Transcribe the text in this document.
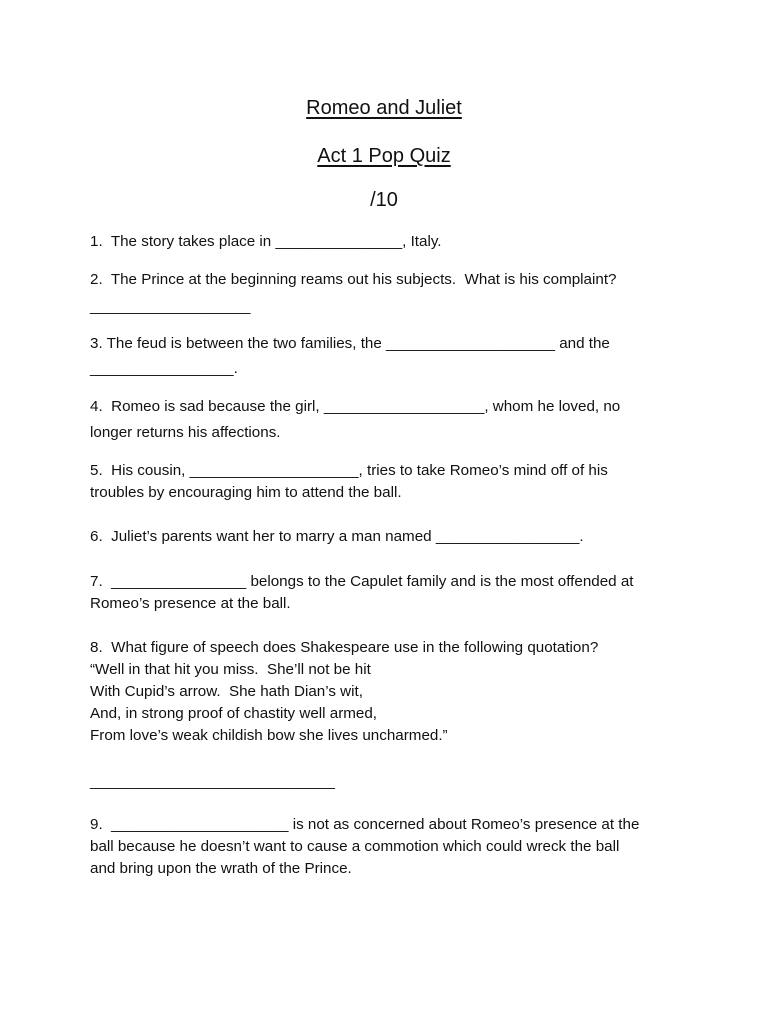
Romeo and Juliet
Act 1 Pop Quiz
/10

1.  The story takes place in _______________, Italy.

2.  The Prince at the beginning reams out his subjects.  What is his complaint?

___________________

3. The feud is between the two families, the ____________________ and the

_________________.

4.  Romeo is sad because the girl, ___________________, whom he loved, no

longer returns his affections.

5.  His cousin, ____________________, tries to take Romeo’s mind off of his

troubles by encouraging him to attend the ball.

6.  Juliet’s parents want her to marry a man named _________________.

7.  ________________ belongs to the Capulet family and is the most offended at

Romeo’s presence at the ball.

8.  What figure of speech does Shakespeare use in the following quotation?

“Well in that hit you miss.  She’ll not be hit

With Cupid’s arrow.  She hath Dian’s wit,

And, in strong proof of chastity well armed,

From love’s weak childish bow she lives uncharmed.”

_____________________________

9.  _____________________ is not as concerned about Romeo’s presence at the

ball because he doesn’t want to cause a commotion which could wreck the ball

and bring upon the wrath of the Prince.
